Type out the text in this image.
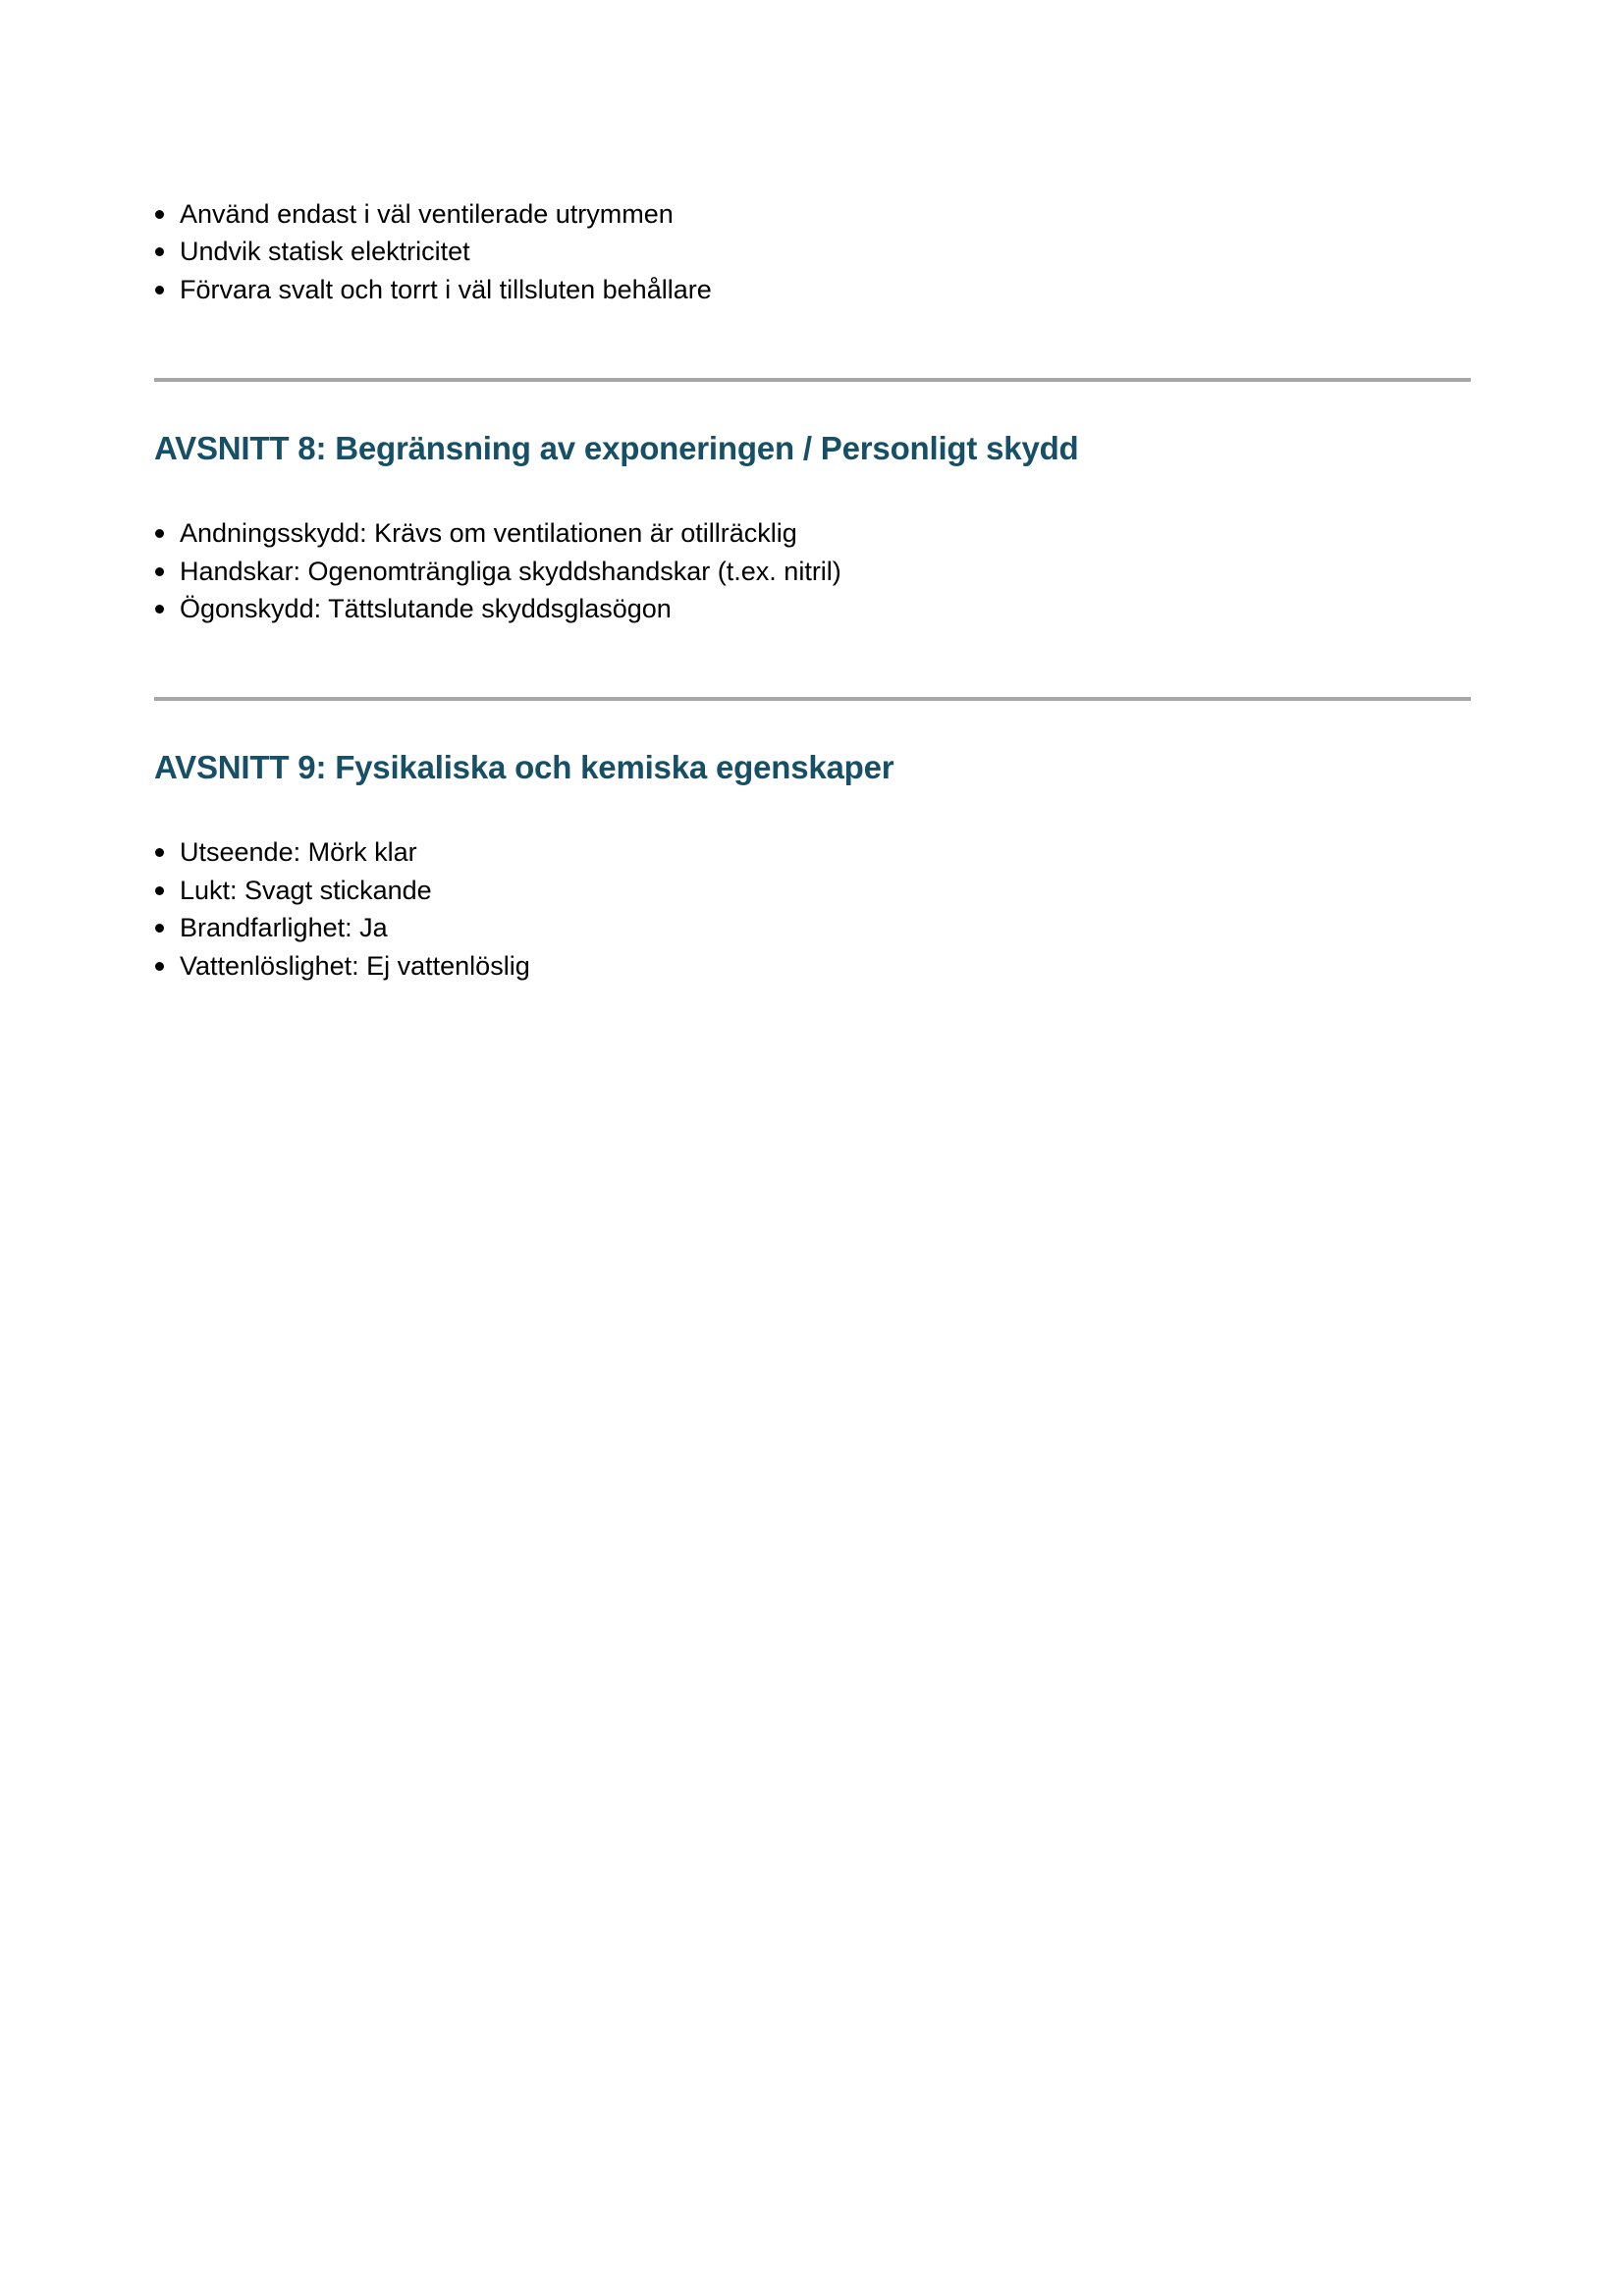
Använd endast i väl ventilerade utrymmen
Undvik statisk elektricitet
Förvara svalt och torrt i väl tillsluten behållare
AVSNITT 8: Begränsning av exponeringen / Personligt skydd
Andningsskydd: Krävs om ventilationen är otillräcklig
Handskar: Ogenomträngliga skyddshandskar (t.ex. nitril)
Ögonskydd: Tättslutande skyddsglasögon
AVSNITT 9: Fysikaliska och kemiska egenskaper
Utseende: Mörk klar
Lukt: Svagt stickande
Brandfarlighet: Ja
Vattenlöslighet: Ej vattenlöslig
